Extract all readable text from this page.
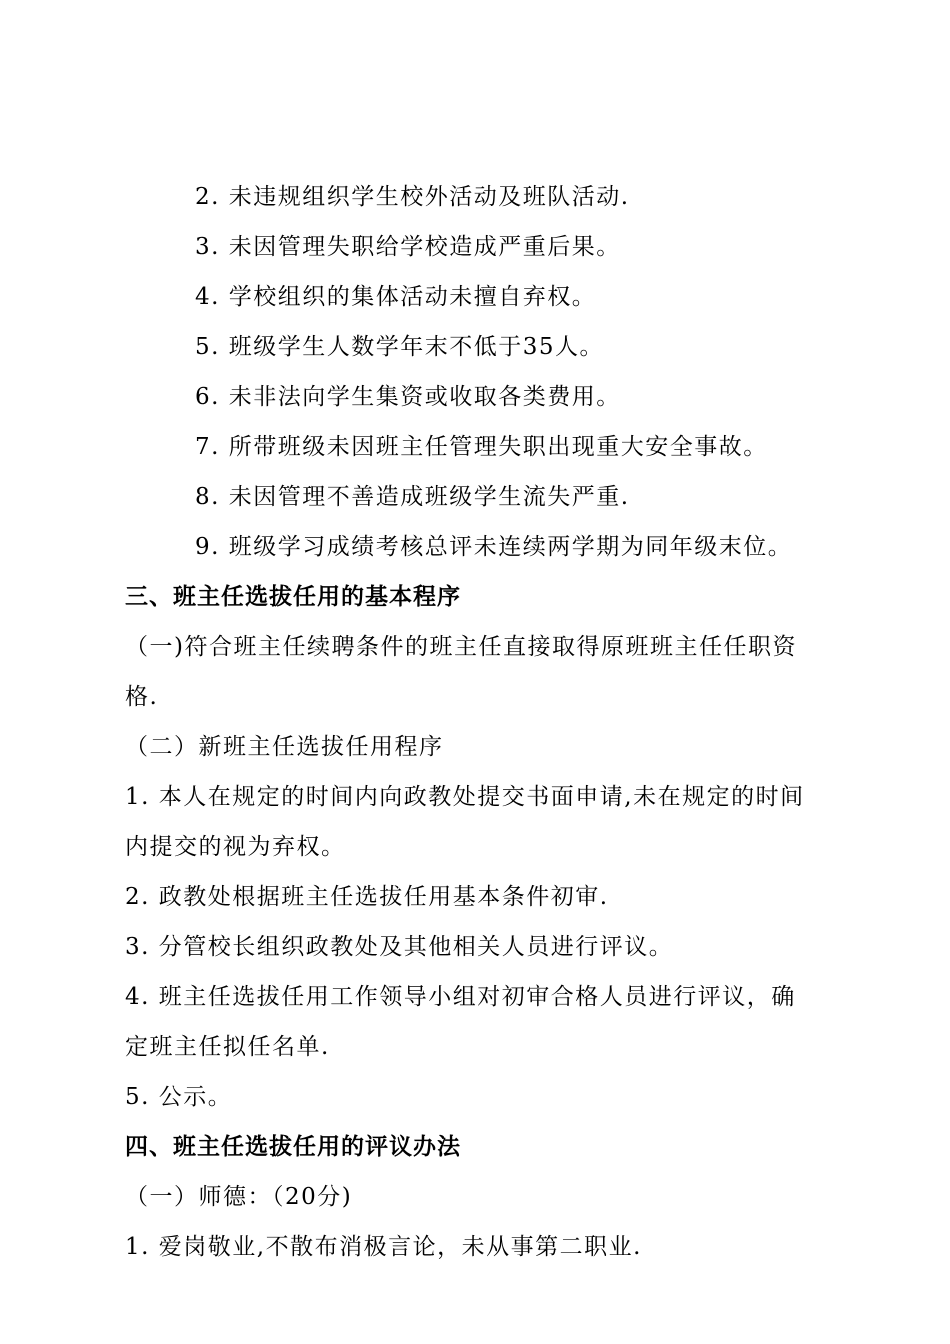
2. 未违规组织学生校外活动及班队活动.
3. 未因管理失职给学校造成严重后果。
4. 学校组织的集体活动未擅自弃权。
5. 班级学生人数学年末不低于35人。
6. 未非法向学生集资或收取各类费用。
7. 所带班级未因班主任管理失职出现重大安全事故。
8. 未因管理不善造成班级学生流失严重.
9. 班级学习成绩考核总评未连续两学期为同年级末位。
三、班主任选拔任用的基本程序
（一)符合班主任续聘条件的班主任直接取得原班班主任任职资
格.
（二）新班主任选拔任用程序
1. 本人在规定的时间内向政教处提交书面申请,未在规定的时间
内提交的视为弃权。
2. 政教处根据班主任选拔任用基本条件初审.
3. 分管校长组织政教处及其他相关人员进行评议。
4. 班主任选拔任用工作领导小组对初审合格人员进行评议，确
定班主任拟任名单.
5. 公示。
四、班主任选拔任用的评议办法
（一）师德：（20分)
1. 爱岗敬业,不散布消极言论，未从事第二职业.
